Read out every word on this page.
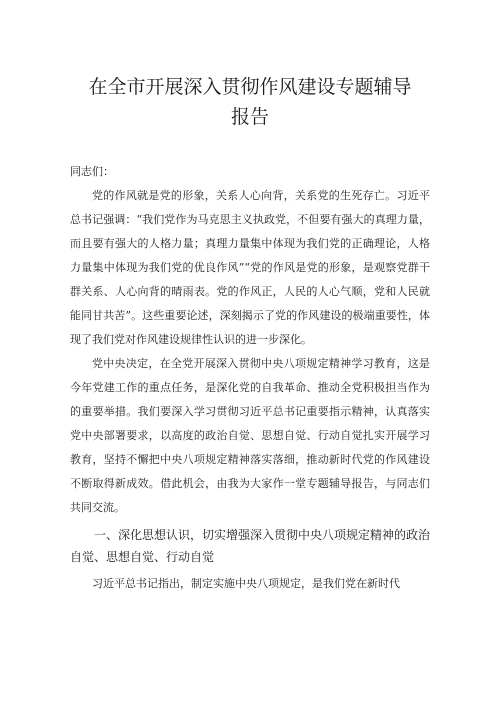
在全市开展深入贯彻作风建设专题辅导报告

同志们：

党的作风就是党的形象，关系人心向背，关系党的生死存亡。习近平总书记强调：“我们党作为马克思主义执政党，不但要有强大的真理力量，而且要有强大的人格力量；真理力量集中体现为我们党的正确理论，人格力量集中体现为我们党的优良作风”“党的作风是党的形象，是观察党群干群关系、人心向背的晴雨表。党的作风正，人民的人心气顺，党和人民就能同甘共苦”。这些重要论述，深刻揭示了党的作风建设的极端重要性，体现了我们党对作风建设规律性认识的进一步深化。

党中央决定，在全党开展深入贯彻中央八项规定精神学习教育，这是今年党建工作的重点任务，是深化党的自我革命、推动全党积极担当作为的重要举措。我们要深入学习贯彻习近平总书记重要指示精神，认真落实党中央部署要求，以高度的政治自觉、思想自觉、行动自觉扎实开展学习教育，坚持不懈把中央八项规定精神落实落细，推动新时代党的作风建设不断取得新成效。借此机会，由我为大家作一堂专题辅导报告，与同志们共同交流。

一、深化思想认识，切实增强深入贯彻中央八项规定精神的政治自觉、思想自觉、行动自觉

习近平总书记指出，制定实施中央八项规定，是我们党在新时代
